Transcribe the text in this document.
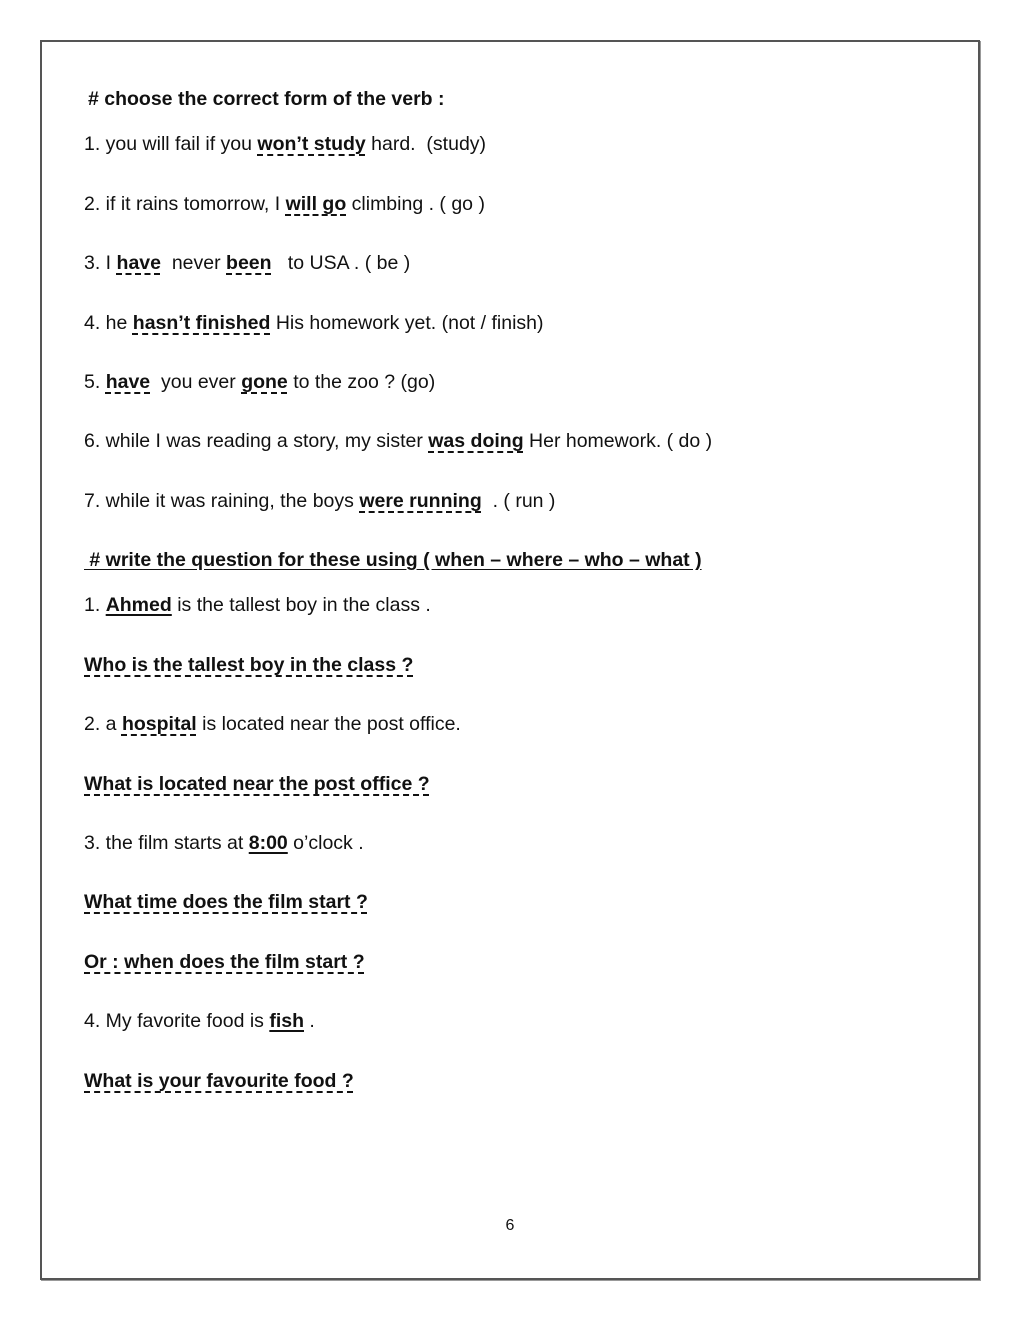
# choose the correct form of the verb :
1. you will fail if you won’t study hard.  (study)
2. if it rains tomorrow, I will go climbing . ( go )
3. I have  never been   to USA . ( be )
4. he hasn’t finished His homework yet. (not / finish)
5. have  you ever gone to the zoo ? (go)
6. while I was reading a story, my sister was doing Her homework. ( do )
7. while it was raining, the boys were running  . ( run )
# write the question for these using ( when – where – who – what )
1. Ahmed is the tallest boy in the class .
Who is the tallest boy in the class ?
2. a hospital is located near the post office.
What is located near the post office ?
3. the film starts at 8:00 o’clock .
What time does the film start ?
Or : when does the film start ?
4. My favorite food is fish .
What is your favourite food ?
6
